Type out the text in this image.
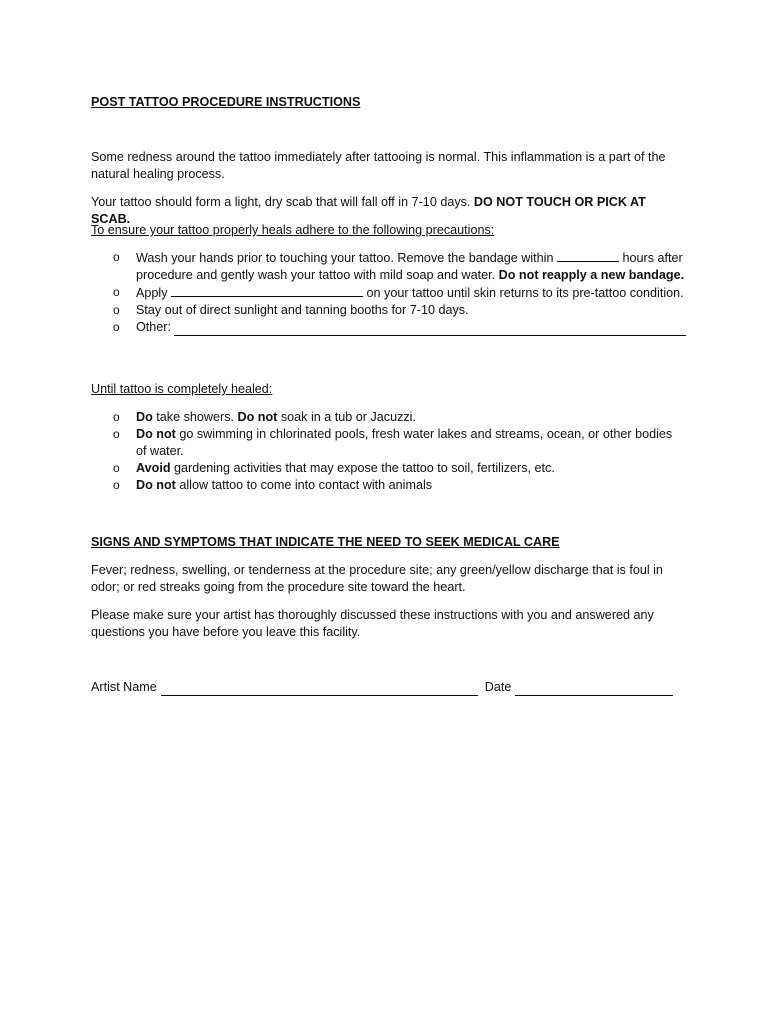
POST TATTOO PROCEDURE INSTRUCTIONS

Some redness around the tattoo immediately after tattooing is normal. This inflammation is a part of the natural healing process.

Your tattoo should form a light, dry scab that will fall off in 7-10 days. DO NOT TOUCH OR PICK AT SCAB.

To ensure your tattoo properly heals adhere to the following precautions:

o Wash your hands prior to touching your tattoo. Remove the bandage within	hours after procedure and gently wash your tattoo with mild soap and water. Do not reapply a new bandage.
o Apply	on your tattoo until skin returns to its pre-tattoo condition.
o Stay out of direct sunlight and tanning booths for 7-10 days.
o Other:

Until tattoo is completely healed:

o Do take showers. Do not soak in a tub or Jacuzzi.
o Do not go swimming in chlorinated pools, fresh water lakes and streams, ocean, or other bodies of water.
o Avoid gardening activities that may expose the tattoo to soil, fertilizers, etc.
o Do not allow tattoo to come into contact with animals

SIGNS AND SYMPTOMS THAT INDICATE THE NEED TO SEEK MEDICAL CARE

Fever; redness, swelling, or tenderness at the procedure site; any green/yellow discharge that is foul in odor; or red streaks going from the procedure site toward the heart.

Please make sure your artist has thoroughly discussed these instructions with you and answered any questions you have before you leave this facility.

Artist Name	Date
